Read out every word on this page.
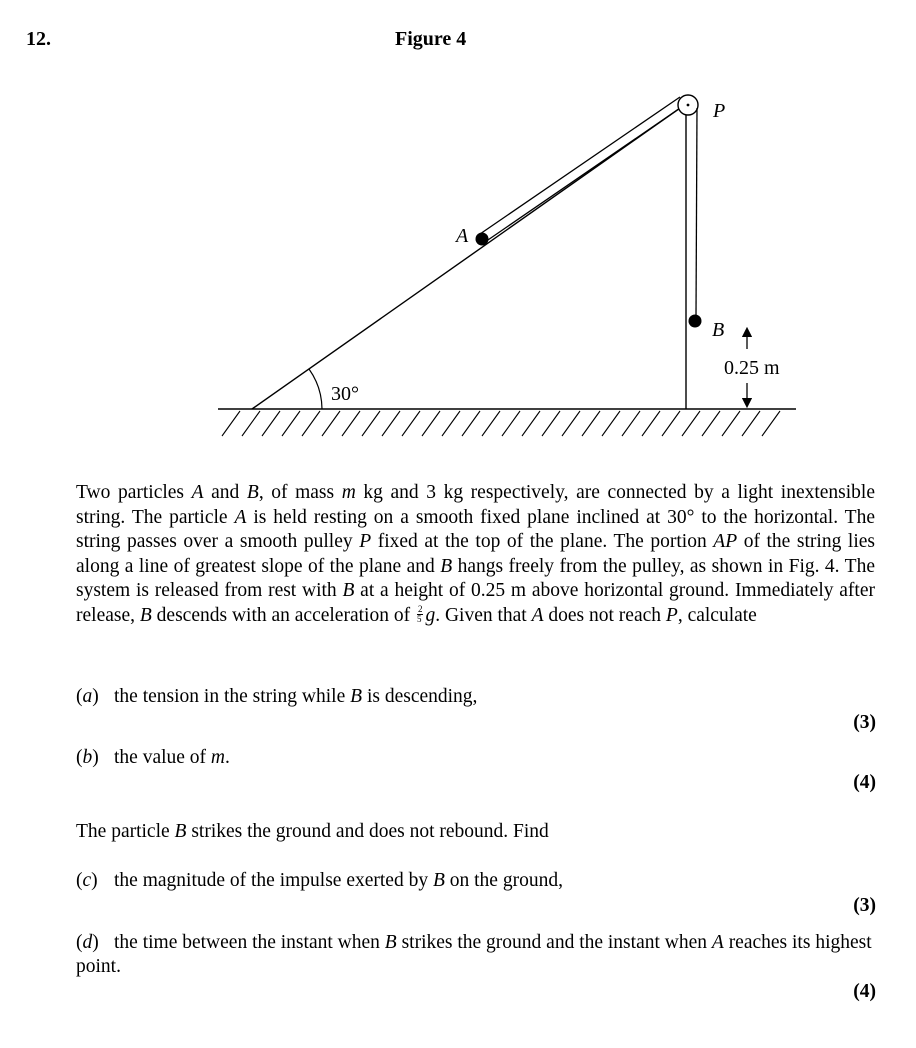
12.	Figure 4
30°
P
A
B
0.25 m
Two particles A and B, of mass m kg and 3 kg respectively, are connected by a light inextensible string. The particle A is held resting on a smooth fixed plane inclined at 30° to the horizontal. The string passes over a smooth pulley P fixed at the top of the plane. The portion AP of the string lies along a line of greatest slope of the plane and B hangs freely from the pulley, as shown in Fig. 4. The system is released from rest with B at a height of 0.25 m above horizontal ground. Immediately after release, B descends with an acceleration of $\frac{2}{5} g$. Given that A does not reach P, calculate
(a) the tension in the string while B is descending,
(3)
(b) the value of m.
(4)
The particle B strikes the ground and does not rebound. Find
(c) the magnitude of the impulse exerted by B on the ground,
(3)
(d) the time between the instant when B strikes the ground and the instant when A reaches its highest point.
(4)
